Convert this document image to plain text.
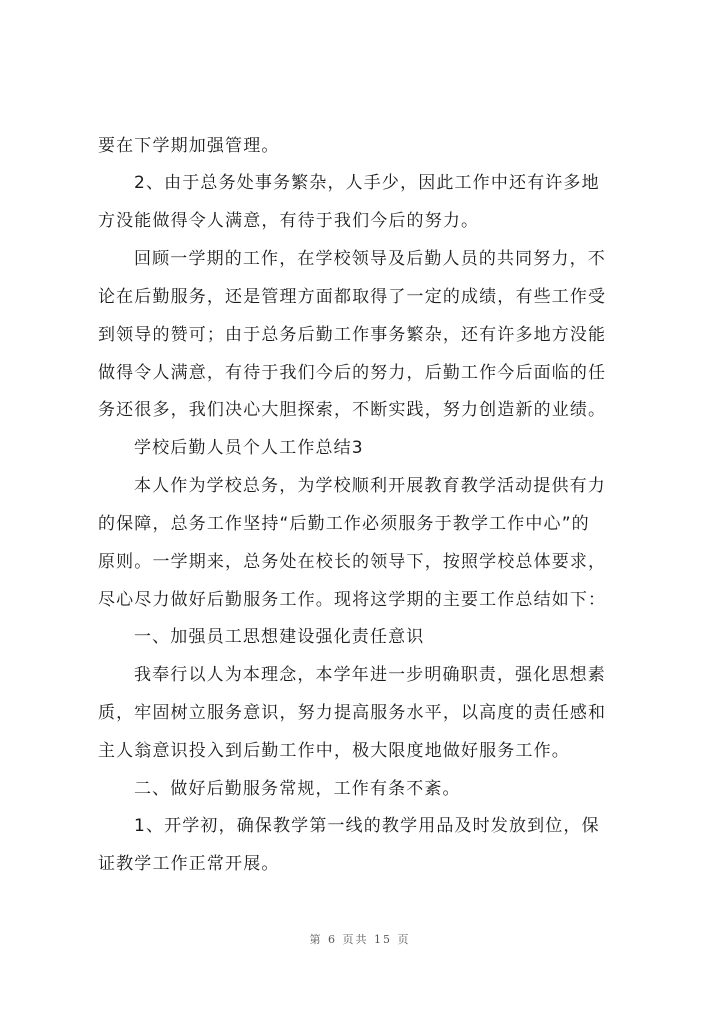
要在下学期加强管理。
2、由于总务处事务繁杂，人手少，因此工作中还有许多地
方没能做得令人满意，有待于我们今后的努力。
回顾一学期的工作，在学校领导及后勤人员的共同努力，不
论在后勤服务，还是管理方面都取得了一定的成绩，有些工作受
到领导的赞可；由于总务后勤工作事务繁杂，还有许多地方没能
做得令人满意，有待于我们今后的努力，后勤工作今后面临的任
务还很多，我们决心大胆探索，不断实践，努力创造新的业绩。
学校后勤人员个人工作总结3
本人作为学校总务，为学校顺利开展教育教学活动提供有力
的保障，总务工作坚持“后勤工作必须服务于教学工作中心”的
原则。一学期来，总务处在校长的领导下，按照学校总体要求，
尽心尽力做好后勤服务工作。现将这学期的主要工作总结如下：
一、加强员工思想建设强化责任意识
我奉行以人为本理念，本学年进一步明确职责，强化思想素
质，牢固树立服务意识，努力提高服务水平，以高度的责任感和
主人翁意识投入到后勤工作中，极大限度地做好服务工作。
二、做好后勤服务常规，工作有条不紊。
1、开学初，确保教学第一线的教学用品及时发放到位，保
证教学工作正常开展。
第 6 页共 15 页
